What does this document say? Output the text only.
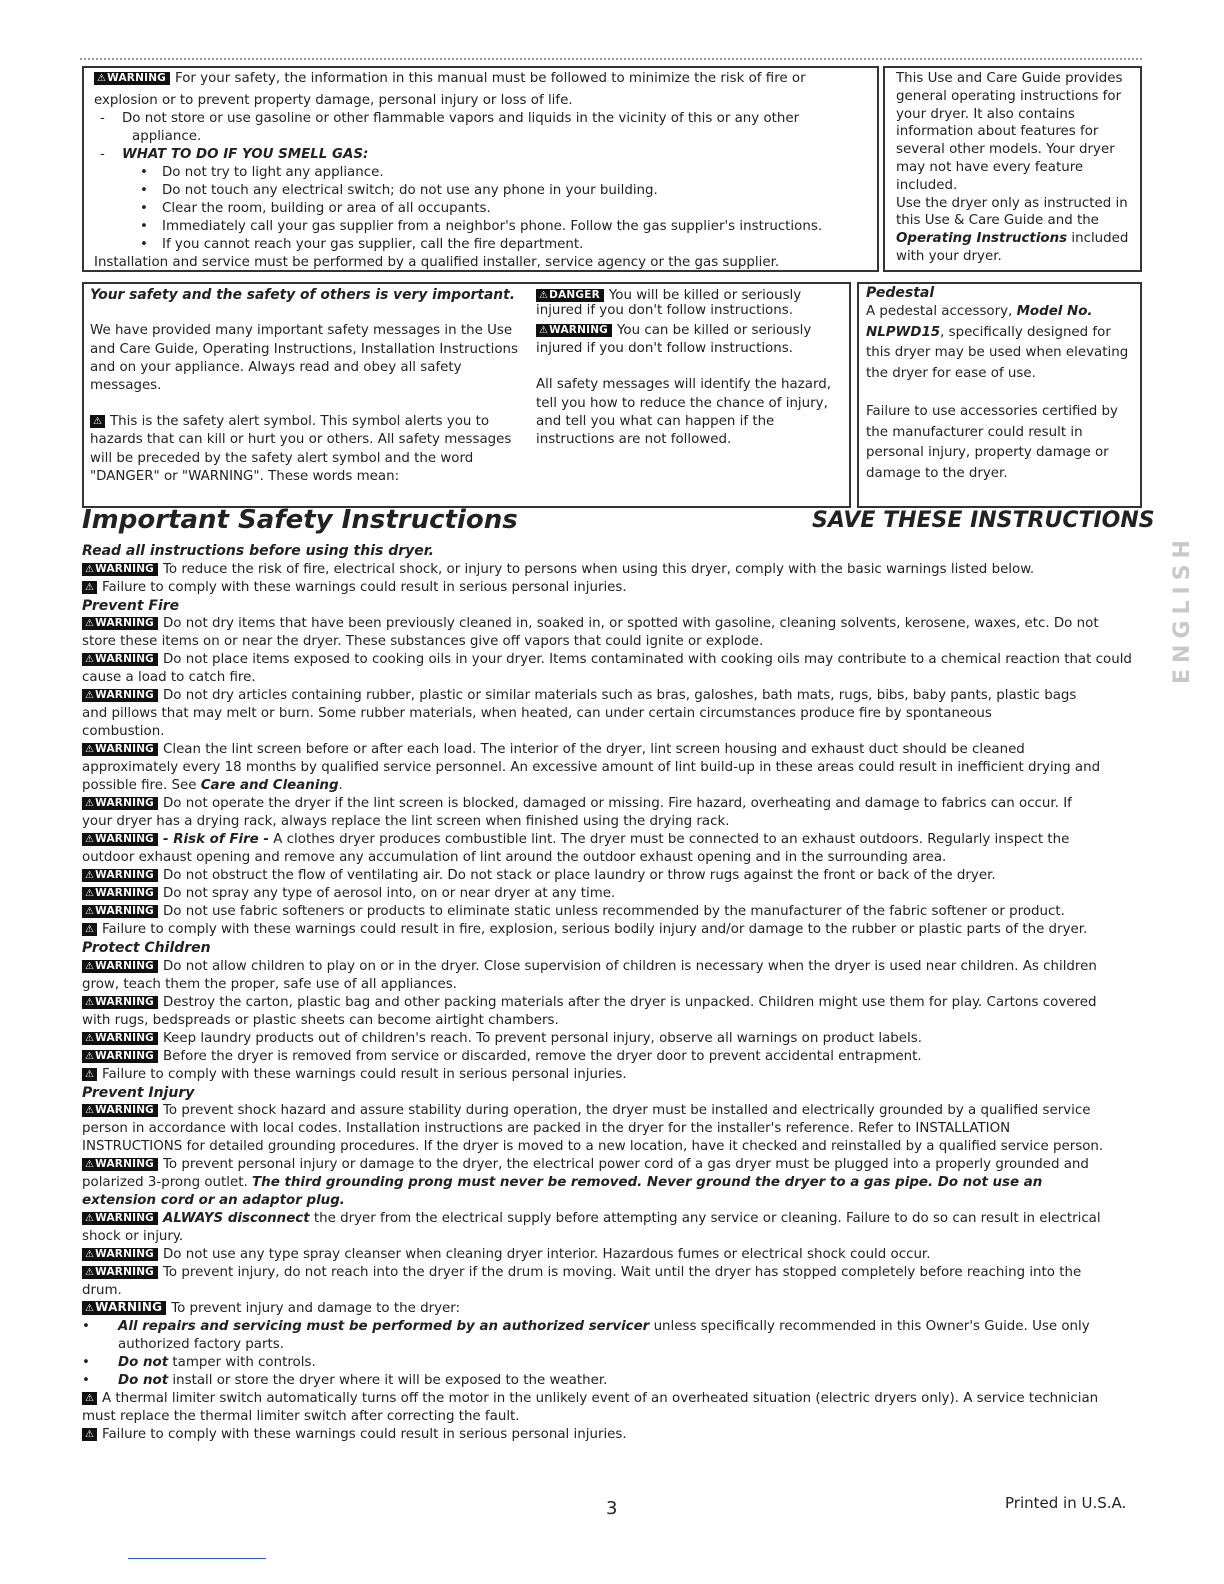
⚠WARNING For your safety, the information in this manual must be followed to minimize the risk of fire or
explosion or to prevent property damage, personal injury or loss of life.
- Do not store or use gasoline or other flammable vapors and liquids in the vicinity of this or any other
appliance.
- WHAT TO DO IF YOU SMELL GAS:
• Do not try to light any appliance.
• Do not touch any electrical switch; do not use any phone in your building.
• Clear the room, building or area of all occupants.
• Immediately call your gas supplier from a neighbor's phone. Follow the gas supplier's instructions.
• If you cannot reach your gas supplier, call the fire department.
Installation and service must be performed by a qualified installer, service agency or the gas supplier.
This Use and Care Guide provides
general operating instructions for
your dryer. It also contains
information about features for
several other models. Your dryer
may not have every feature
included.
Use the dryer only as instructed in
this Use & Care Guide and the
Operating Instructions included
with your dryer.
Your safety and the safety of others is very important.
We have provided many important safety messages in the Use and Care Guide, Operating Instructions, Installation Instructions and on your appliance. Always read and obey all safety messages.
⚠ This is the safety alert symbol. This symbol alerts you to hazards that can kill or hurt you or others. All safety messages will be preceded by the safety alert symbol and the word "DANGER" or "WARNING". These words mean:
⚠DANGER You will be killed or seriously injured if you don't follow instructions.
⚠WARNING You can be killed or seriously injured if you don't follow instructions.
All safety messages will identify the hazard, tell you how to reduce the chance of injury, and tell you what can happen if the instructions are not followed.
Pedestal
A pedestal accessory, Model No. NLPWD15, specifically designed for this dryer may be used when elevating the dryer for ease of use.
Failure to use accessories certified by the manufacturer could result in personal injury, property damage or damage to the dryer.
Important Safety Instructions	SAVE THESE INSTRUCTIONS
ENGLISH
Read all instructions before using this dryer.
⚠WARNING To reduce the risk of fire, electrical shock, or injury to persons when using this dryer, comply with the basic warnings listed below.
⚠ Failure to comply with these warnings could result in serious personal injuries.
Prevent Fire
⚠WARNING Do not dry items that have been previously cleaned in, soaked in, or spotted with gasoline, cleaning solvents, kerosene, waxes, etc. Do not
store these items on or near the dryer. These substances give off vapors that could ignite or explode.
⚠WARNING Do not place items exposed to cooking oils in your dryer. Items contaminated with cooking oils may contribute to a chemical reaction that could
cause a load to catch fire.
⚠WARNING Do not dry articles containing rubber, plastic or similar materials such as bras, galoshes, bath mats, rugs, bibs, baby pants, plastic bags
and pillows that may melt or burn. Some rubber materials, when heated, can under certain circumstances produce fire by spontaneous
combustion.
⚠WARNING Clean the lint screen before or after each load. The interior of the dryer, lint screen housing and exhaust duct should be cleaned
approximately every 18 months by qualified service personnel. An excessive amount of lint build-up in these areas could result in inefficient drying and
possible fire. See Care and Cleaning.
⚠WARNING Do not operate the dryer if the lint screen is blocked, damaged or missing. Fire hazard, overheating and damage to fabrics can occur. If
your dryer has a drying rack, always replace the lint screen when finished using the drying rack.
⚠WARNING - Risk of Fire - A clothes dryer produces combustible lint. The dryer must be connected to an exhaust outdoors. Regularly inspect the
outdoor exhaust opening and remove any accumulation of lint around the outdoor exhaust opening and in the surrounding area.
⚠WARNING Do not obstruct the flow of ventilating air. Do not stack or place laundry or throw rugs against the front or back of the dryer.
⚠WARNING Do not spray any type of aerosol into, on or near dryer at any time.
⚠WARNING Do not use fabric softeners or products to eliminate static unless recommended by the manufacturer of the fabric softener or product.
⚠ Failure to comply with these warnings could result in fire, explosion, serious bodily injury and/or damage to the rubber or plastic parts of the dryer.
Protect Children
⚠WARNING Do not allow children to play on or in the dryer. Close supervision of children is necessary when the dryer is used near children. As children
grow, teach them the proper, safe use of all appliances.
⚠WARNING Destroy the carton, plastic bag and other packing materials after the dryer is unpacked. Children might use them for play. Cartons covered
with rugs, bedspreads or plastic sheets can become airtight chambers.
⚠WARNING Keep laundry products out of children's reach. To prevent personal injury, observe all warnings on product labels.
⚠WARNING Before the dryer is removed from service or discarded, remove the dryer door to prevent accidental entrapment.
⚠ Failure to comply with these warnings could result in serious personal injuries.
Prevent Injury
⚠WARNING To prevent shock hazard and assure stability during operation, the dryer must be installed and electrically grounded by a qualified service
person in accordance with local codes. Installation instructions are packed in the dryer for the installer's reference. Refer to INSTALLATION
INSTRUCTIONS for detailed grounding procedures. If the dryer is moved to a new location, have it checked and reinstalled by a qualified service person.
⚠WARNING To prevent personal injury or damage to the dryer, the electrical power cord of a gas dryer must be plugged into a properly grounded and
polarized 3-prong outlet. The third grounding prong must never be removed. Never ground the dryer to a gas pipe. Do not use an
extension cord or an adaptor plug.
⚠WARNING ALWAYS disconnect the dryer from the electrical supply before attempting any service or cleaning. Failure to do so can result in electrical
shock or injury.
⚠WARNING Do not use any type spray cleanser when cleaning dryer interior. Hazardous fumes or electrical shock could occur.
⚠WARNING To prevent injury, do not reach into the dryer if the drum is moving. Wait until the dryer has stopped completely before reaching into the
drum.
⚠WARNING To prevent injury and damage to the dryer:
• All repairs and servicing must be performed by an authorized servicer unless specifically recommended in this Owner's Guide. Use only
authorized factory parts.
• Do not tamper with controls.
• Do not install or store the dryer where it will be exposed to the weather.
⚠ A thermal limiter switch automatically turns off the motor in the unlikely event of an overheated situation (electric dryers only). A service technician
must replace the thermal limiter switch after correcting the fault.
⚠ Failure to comply with these warnings could result in serious personal injuries.
3	Printed in U.S.A.
